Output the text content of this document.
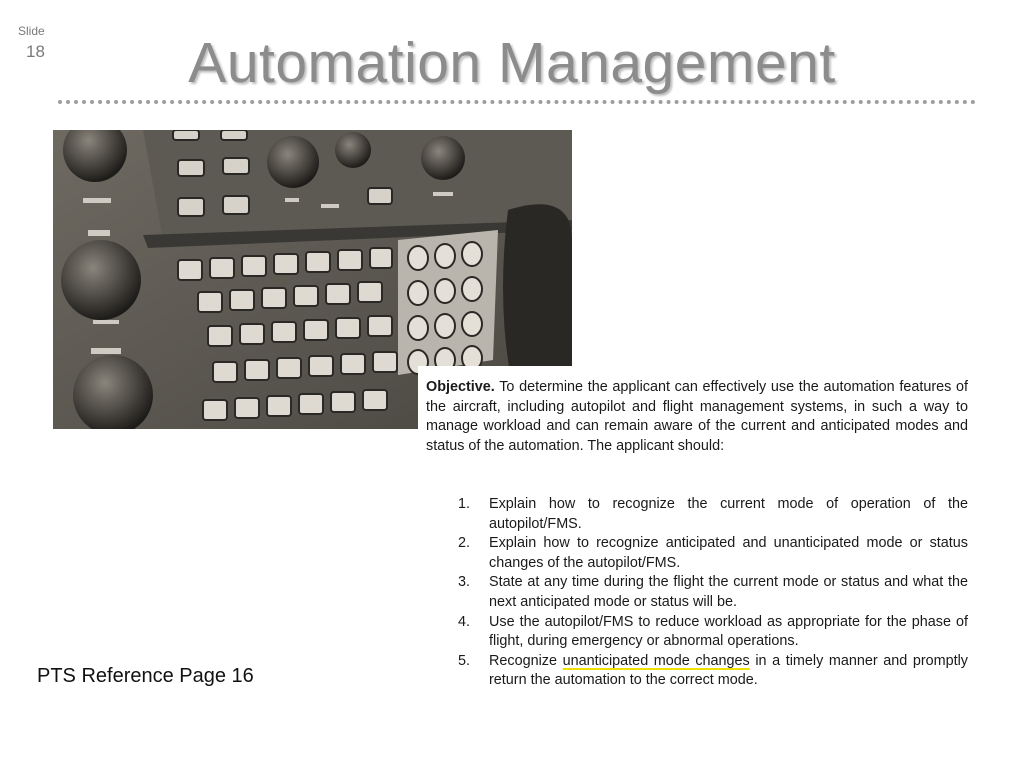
Slide
18	Automation Management

Objective. To determine the applicant can effectively use the automation features of the aircraft, including autopilot and flight management systems, in such a way to manage workload and can remain aware of the current and anticipated modes and status of the automation. The applicant should:

1. Explain how to recognize the current mode of operation of the autopilot/FMS.
2. Explain how to recognize anticipated and unanticipated mode or status changes of the autopilot/FMS.
3. State at any time during the flight the current mode or status and what the next anticipated mode or status will be.
4. Use the autopilot/FMS to reduce workload as appropriate for the phase of flight, during emergency or abnormal operations.
5. Recognize unanticipated mode changes in a timely manner and promptly return the automation to the correct mode.
PTS Reference Page 16
